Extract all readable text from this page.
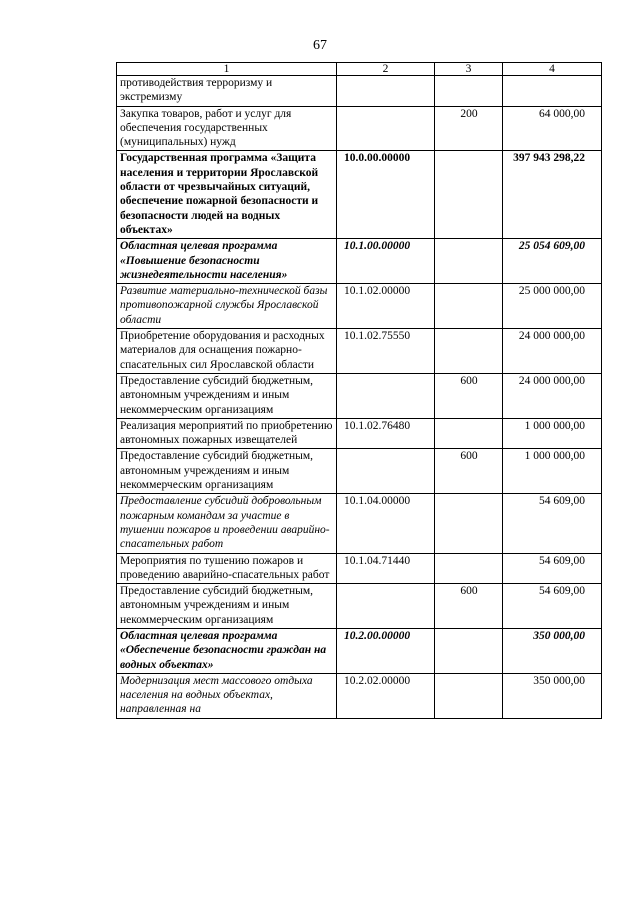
67
1	2	3	4
противодействия терроризму и экстремизму			
Закупка товаров, работ и услуг для обеспечения государственных (муниципальных) нужд		200	64 000,00
Государственная программа «Защита населения и территории Ярославской области от чрезвычайных ситуаций, обеспечение пожарной безопасности и безопасности людей на водных объектах»	10.0.00.00000		397 943 298,22
Областная целевая программа «Повышение безопасности жизнедеятельности населения»	10.1.00.00000		25 054 609,00
Развитие материально-технической базы противопожарной службы Ярославской области	10.1.02.00000		25 000 000,00
Приобретение оборудования и расходных материалов для оснащения пожарно-спасательных сил Ярославской области	10.1.02.75550		24 000 000,00
Предоставление субсидий бюджетным, автономным учреждениям и иным некоммерческим организациям		600	24 000 000,00
Реализация мероприятий по приобретению автономных пожарных извещателей	10.1.02.76480		1 000 000,00
Предоставление субсидий бюджетным, автономным учреждениям и иным некоммерческим организациям		600	1 000 000,00
Предоставление субсидий добровольным пожарным командам за участие в тушении пожаров и проведении аварийно-спасательных работ	10.1.04.00000		54 609,00
Мероприятия по тушению пожаров и проведению аварийно-спасательных работ	10.1.04.71440		54 609,00
Предоставление субсидий бюджетным, автономным учреждениям и иным некоммерческим организациям		600	54 609,00
Областная целевая программа «Обеспечение безопасности граждан на водных объектах»	10.2.00.00000		350 000,00
Модернизация мест массового отдыха населения на водных объектах, направленная на	10.2.02.00000		350 000,00
